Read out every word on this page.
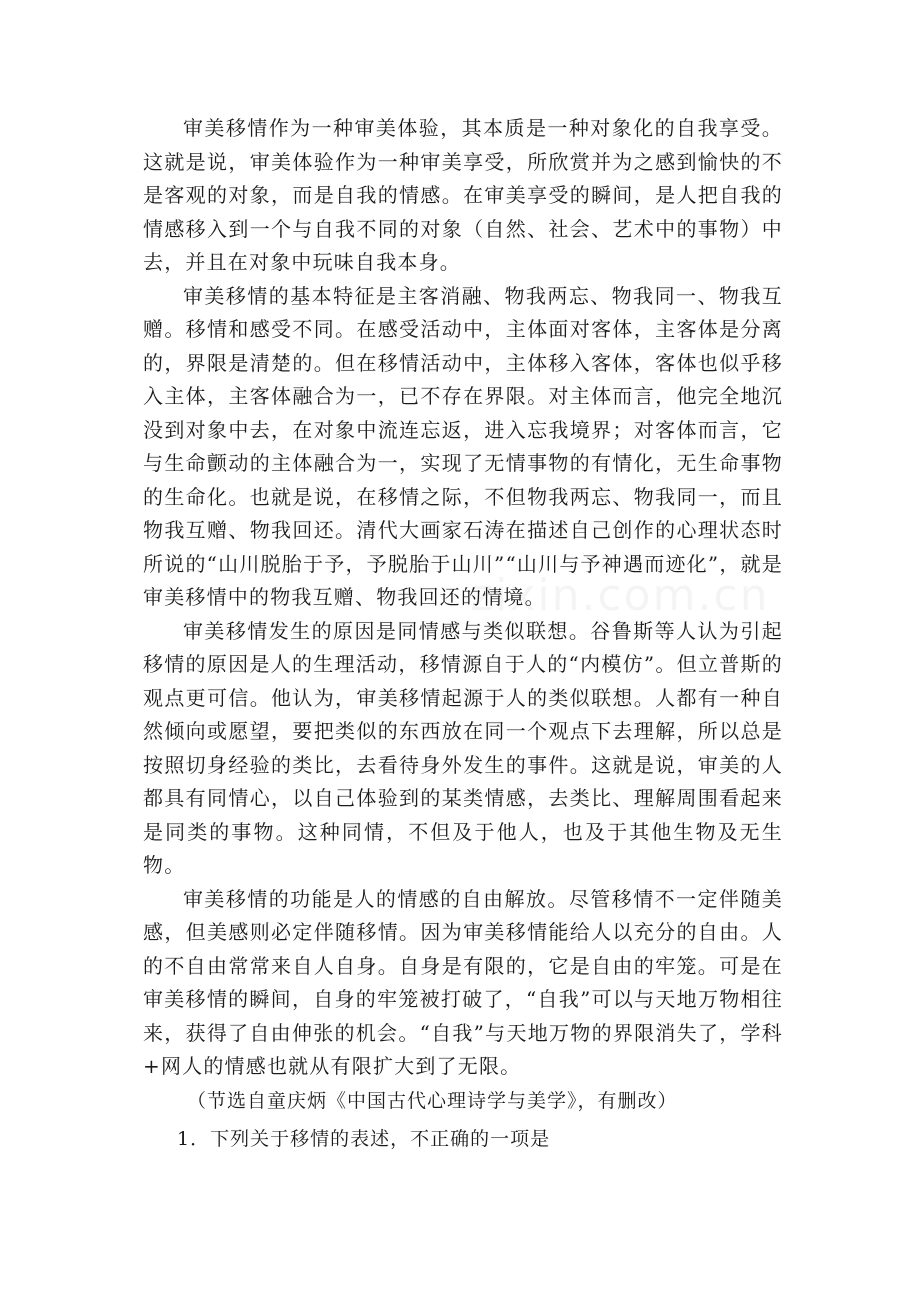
审美移情作为一种审美体验，其本质是一种对象化的自我享受。这就是说，审美体验作为一种审美享受，所欣赏并为之感到愉快的不是客观的对象，而是自我的情感。在审美享受的瞬间，是人把自我的情感移入到一个与自我不同的对象（自然、社会、艺术中的事物）中去，并且在对象中玩味自我本身。

审美移情的基本特征是主客消融、物我两忘、物我同一、物我互赠。移情和感受不同。在感受活动中，主体面对客体，主客体是分离的，界限是清楚的。但在移情活动中，主体移入客体，客体也似乎移入主体，主客体融合为一，已不存在界限。对主体而言，他完全地沉没到对象中去，在对象中流连忘返，进入忘我境界；对客体而言，它与生命颤动的主体融合为一，实现了无情事物的有情化，无生命事物的生命化。也就是说，在移情之际，不但物我两忘、物我同一，而且物我互赠、物我回还。清代大画家石涛在描述自己创作的心理状态时所说的“山川脱胎于予，予脱胎于山川”“山川与予神遇而迹化”，就是审美移情中的物我互赠、物我回还的情境。

审美移情发生的原因是同情感与类似联想。谷鲁斯等人认为引起移情的原因是人的生理活动，移情源自于人的“内模仿”。但立普斯的观点更可信。他认为，审美移情起源于人的类似联想。人都有一种自然倾向或愿望，要把类似的东西放在同一个观点下去理解，所以总是按照切身经验的类比，去看待身外发生的事件。这就是说，审美的人都具有同情心，以自己体验到的某类情感，去类比、理解周围看起来是同类的事物。这种同情，不但及于他人，也及于其他生物及无生物。

审美移情的功能是人的情感的自由解放。尽管移情不一定伴随美感，但美感则必定伴随移情。因为审美移情能给人以充分的自由。人的不自由常常来自人自身。自身是有限的，它是自由的牢笼。可是在审美移情的瞬间，自身的牢笼被打破了，“自我”可以与天地万物相往来，获得了自由伸张的机会。“自我”与天地万物的界限消失了，学科+网人的情感也就从有限扩大到了无限。

（节选自童庆炳《中国古代心理诗学与美学》，有删改）

1．下列关于移情的表述，不正确的一项是
